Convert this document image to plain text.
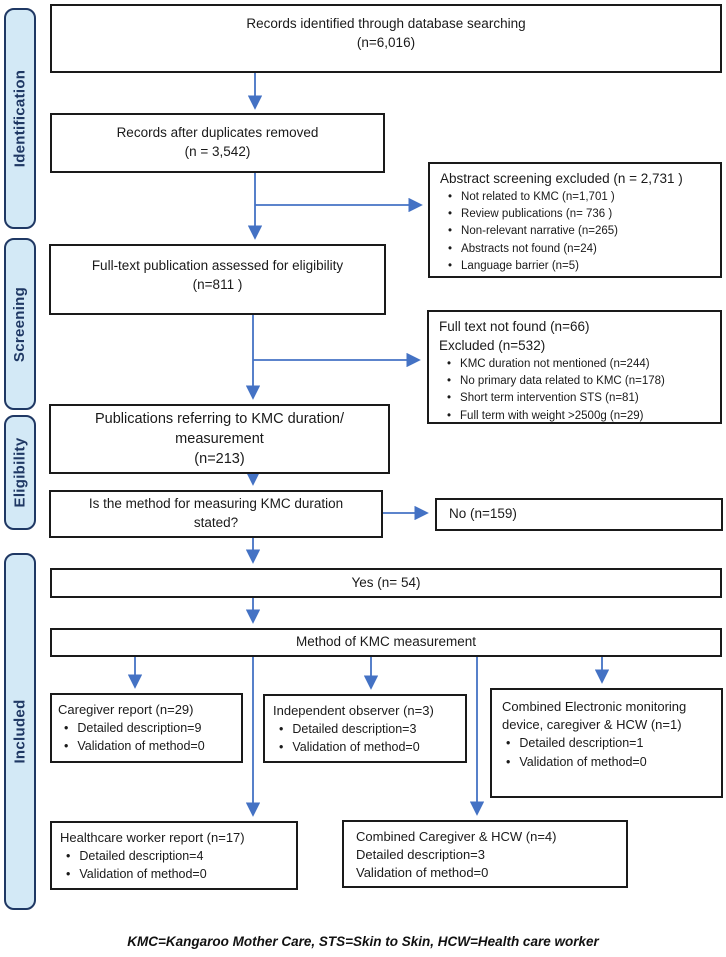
Identification
Screening
Eligibility
Included
Records identified through database searching
(n=6,016)
Records after duplicates removed
(n = 3,542)
Abstract screening excluded (n = 2,731 )
• Not related to KMC (n=1,701 )
• Review publications (n= 736 )
• Non-relevant narrative (n=265)
• Abstracts not found (n=24)
• Language barrier (n=5)
Full-text publication assessed for eligibility
(n=811 )
Full text not found (n=66)
Excluded (n=532)
• KMC duration not mentioned (n=244)
• No primary data related to KMC (n=178)
• Short term intervention STS (n=81)
• Full term with weight >2500g (n=29)
Publications referring to KMC duration/
measurement
(n=213)
Is the method for measuring KMC duration
stated?
No (n=159)
Yes (n= 54)
Method of KMC measurement
Caregiver report (n=29)
• Detailed description=9
• Validation of method=0
Independent observer (n=3)
• Detailed description=3
• Validation of method=0
Combined Electronic monitoring
device, caregiver & HCW (n=1)
• Detailed description=1
• Validation of method=0
Healthcare worker report (n=17)
• Detailed description=4
• Validation of method=0
Combined Caregiver & HCW (n=4)
Detailed description=3
Validation of method=0
KMC=Kangaroo Mother Care, STS=Skin to Skin, HCW=Health care worker
